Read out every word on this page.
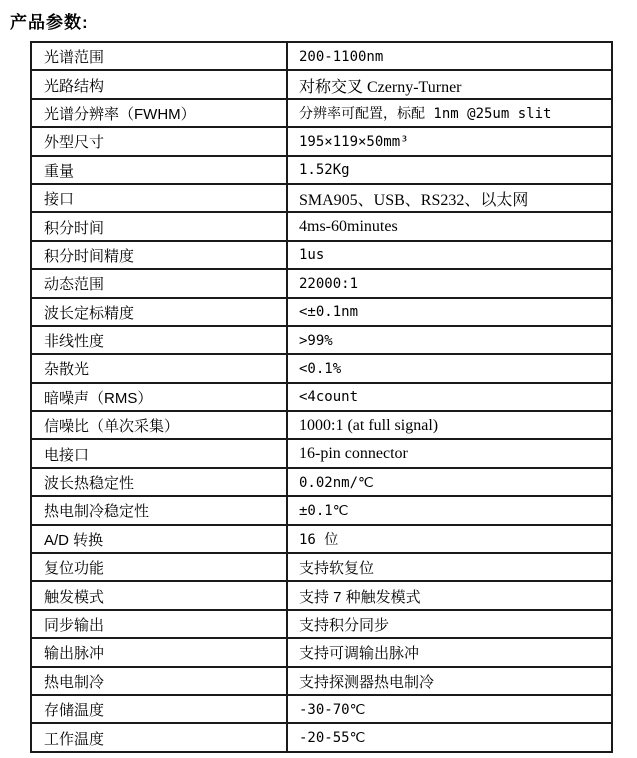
产品参数:
光谱范围	200-1100nm
光路结构	对称交叉 Czerny-Turner
光谱分辨率（FWHM）	分辨率可配置，标配 1nm @25um slit
外型尺寸	195×119×50mm³
重量	1.52Kg
接口	SMA905、USB、RS232、以太网
积分时间	4ms-60minutes
积分时间精度	1us
动态范围	22000:1
波长定标精度	<±0.1nm
非线性度	>99%
杂散光	<0.1%
暗噪声（RMS）	<4count
信噪比（单次采集）	1000:1 (at full signal)
电接口	16-pin connector
波长热稳定性	0.02nm/℃
热电制冷稳定性	±0.1℃
A/D 转换	16 位
复位功能	支持软复位
触发模式	支持 7 种触发模式
同步输出	支持积分同步
输出脉冲	支持可调输出脉冲
热电制冷	支持探测器热电制冷
存储温度	-30-70℃
工作温度	-20-55℃
